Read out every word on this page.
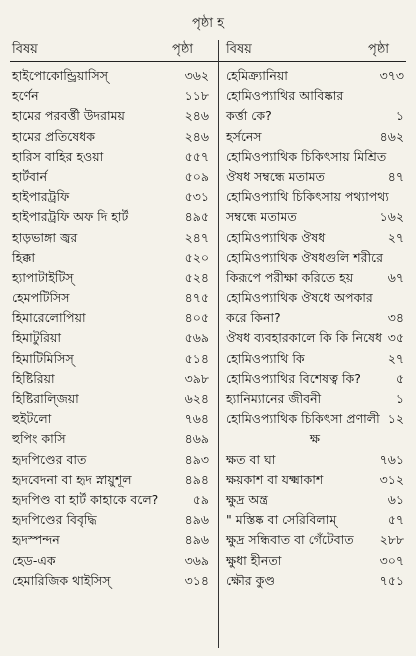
পৃষ্ঠা হ
বিষয়	পৃষ্ঠা	বিষয়	পৃষ্ঠা
হাইপোকোন্ড্রিয়াসিস্	৩৬২
হর্ণেন	১১৮
হামের পরবর্ত্তী উদরাময়	২৪৬
হামের প্রতিষেধক	২৪৬
হারিস বাহির হওয়া	৫৫৭
হার্টবার্ন	৫০৯
হাইপারট্রফি	৫৩১
হাইপারট্রফি অফ দি হার্ট	৪৯৫
হাড়ভাঙ্গা জ্বর	২৪৭
হিক্কা	৫২০
হ্যাপাটাইটিস্	৫২৪
হেমপটিসিস	৪৭৫
হিমারেলোপিয়া	৪০৫
হিমাটুরিয়া	৫৬৯
হিমাটিমিসিস্	৫১৪
হিষ্টিরিয়া	৩৯৮
হিষ্টিরাল্জিয়া	৬২৪
হুইটলো	৭৬৪
হুপিং কাসি	৪৬৯
হৃদপিণ্ডের বাত	৪৯৩
হৃদবেদনা বা হৃদ স্নায়ুশূল	৪৯৪
হৃদপিণ্ড বা হার্ট কাহাকে বলে?	৫৯
হৃদপিণ্ডের বিবৃদ্ধি	৪৯৬
হৃদস্পন্দন	৪৯৬
হেড-এক	৩৬৯
হেমারিজিক থাইসিস্	৩১৪
হেমিক্র্যানিয়া	৩৭৩
হোমিওপ্যাথির আবিষ্কার
কর্ত্তা কে?	১
হর্সনেস	৪৬২
হোমিওপ্যাথিক চিকিৎসায় মিশ্রিত
ঔষধ সম্বন্ধে মতামত	৪৭
হোমিওপ্যাথি চিকিৎসায় পথ্যাপথ্য
সম্বন্ধে মতামত	১৬২
হোমিওপ্যাথিক ঔষধ	২৭
হোমিওপ্যাথিক ঔষধগুলি শরীরে
কিরূপে পরীক্ষা করিতে হয়	৬৭
হোমিওপ্যাথিক ঔষধে অপকার
করে কিনা?	৩৪
ঔষধ ব্যবহারকালে কি কি নিষেধ ৩৫
হোমিওপ্যাথি কি	২৭
হোমিওপ্যাথির বিশেষত্ব কি?	৫
হ্যানিম্যানের জীবনী	১
হোমিওপ্যাথিক চিকিৎসা প্রণালী ১২
ক্ষ
ক্ষত বা ঘা	৭৬১
ক্ষয়কাশ বা যক্ষ্মাকাশ	৩১২
ক্ষুদ্র অন্ত্র	৬১
" মস্তিষ্ক বা সেরিবিলাম্	৫৭
ক্ষুদ্র সন্ধিবাত বা গেঁটেবাত ২৮৮
ক্ষুধা হীনতা	৩০৭
ক্ষৌর কুণ্ড	৭৫১
